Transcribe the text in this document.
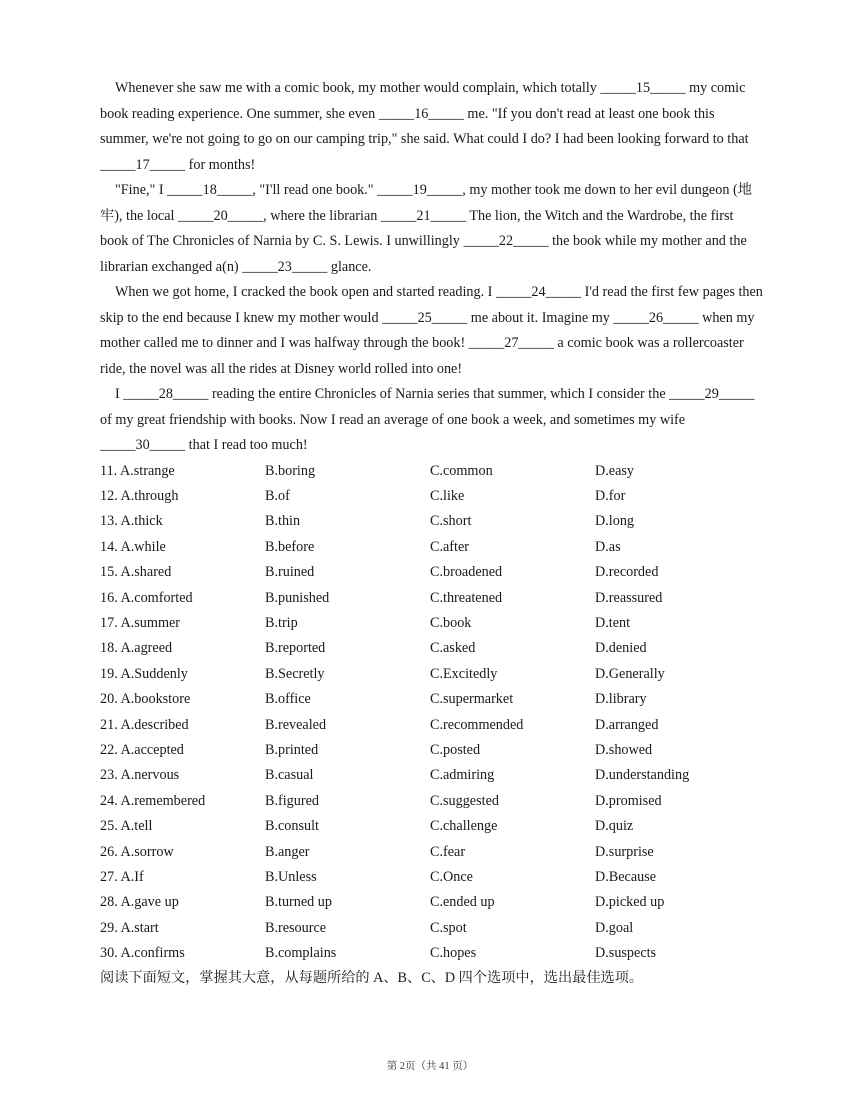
Whenever she saw me with a comic book, my mother would complain, which totally _____15_____ my comic book reading experience. One summer, she even _____16_____ me. "If you don't read at least one book this summer, we're not going to go on our camping trip," she said. What could I do? I had been looking forward to that _____17_____ for months!

"Fine," I _____18_____, "I'll read one book." _____19_____, my mother took me down to her evil dungeon (地牢), the local _____20_____, where the librarian _____21_____ The lion, the Witch and the Wardrobe, the first book of The Chronicles of Narnia by C. S. Lewis. I unwillingly _____22_____ the book while my mother and the librarian exchanged a(n) _____23_____ glance.

When we got home, I cracked the book open and started reading. I _____24_____ I'd read the first few pages then skip to the end because I knew my mother would _____25_____ me about it. Imagine my _____26_____ when my mother called me to dinner and I was halfway through the book! _____27_____ a comic book was a rollercoaster ride, the novel was all the rides at Disney world rolled into one!

I _____28_____ reading the entire Chronicles of Narnia series that summer, which I consider the _____29_____ of my great friendship with books. Now I read an average of one book a week, and sometimes my wife _____30_____ that I read too much!

11. A.strange	B.boring	C.common	D.easy
12. A.through	B.of	C.like	D.for
13. A.thick	B.thin	C.short	D.long
14. A.while	B.before	C.after	D.as
15. A.shared	B.ruined	C.broadened	D.recorded
16. A.comforted	B.punished	C.threatened	D.reassured
17. A.summer	B.trip	C.book	D.tent
18. A.agreed	B.reported	C.asked	D.denied
19. A.Suddenly	B.Secretly	C.Excitedly	D.Generally
20. A.bookstore	B.office	C.supermarket	D.library
21. A.described	B.revealed	C.recommended	D.arranged
22. A.accepted	B.printed	C.posted	D.showed
23. A.nervous	B.casual	C.admiring	D.understanding
24. A.remembered	B.figured	C.suggested	D.promised
25. A.tell	B.consult	C.challenge	D.quiz
26. A.sorrow	B.anger	C.fear	D.surprise
27. A.If	B.Unless	C.Once	D.Because
28. A.gave up	B.turned up	C.ended up	D.picked up
29. A.start	B.resource	C.spot	D.goal
30. A.confirms	B.complains	C.hopes	D.suspects

阅读下面短文，掌握其大意，从每题所给的 A、B、C、D 四个选项中，选出最佳选项。

第 2页（共 41 页）
